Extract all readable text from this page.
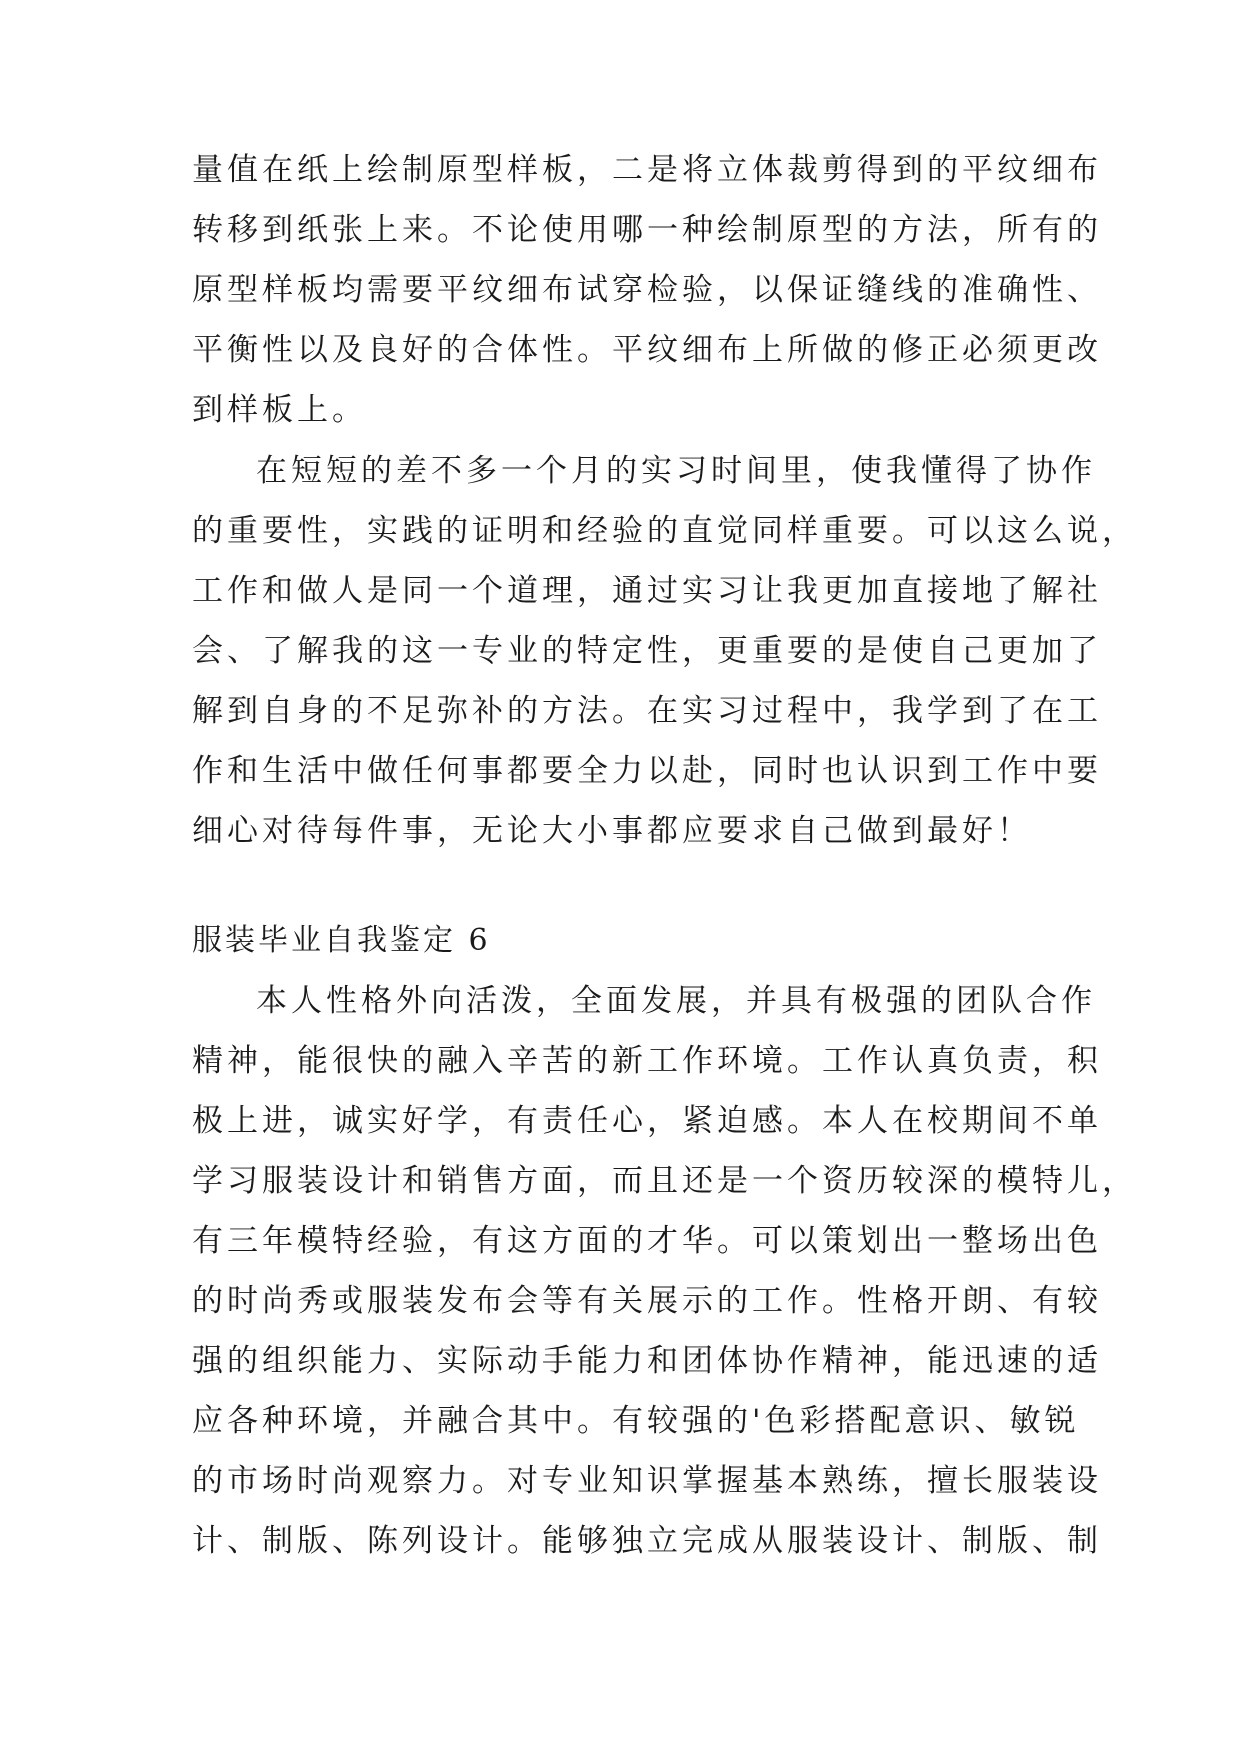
量值在纸上绘制原型样板，二是将立体裁剪得到的平纹细布
转移到纸张上来。不论使用哪一种绘制原型的方法，所有的
原型样板均需要平纹细布试穿检验，以保证缝线的准确性、
平衡性以及良好的合体性。平纹细布上所做的修正必须更改
到样板上。
在短短的差不多一个月的实习时间里，使我懂得了协作
的重要性，实践的证明和经验的直觉同样重要。可以这么说，
工作和做人是同一个道理，通过实习让我更加直接地了解社
会、了解我的这一专业的特定性，更重要的是使自己更加了
解到自身的不足弥补的方法。在实习过程中，我学到了在工
作和生活中做任何事都要全力以赴，同时也认识到工作中要
细心对待每件事，无论大小事都应要求自己做到最好！
服装毕业自我鉴定 6
本人性格外向活泼，全面发展，并具有极强的团队合作
精神，能很快的融入辛苦的新工作环境。工作认真负责，积
极上进，诚实好学，有责任心，紧迫感。本人在校期间不单
学习服装设计和销售方面，而且还是一个资历较深的模特儿，
有三年模特经验，有这方面的才华。可以策划出一整场出色
的时尚秀或服装发布会等有关展示的工作。性格开朗、有较
强的组织能力、实际动手能力和团体协作精神，能迅速的适
应各种环境，并融合其中。有较强的'色彩搭配意识、敏锐
的市场时尚观察力。对专业知识掌握基本熟练，擅长服装设
计、制版、陈列设计。能够独立完成从服装设计、制版、制
